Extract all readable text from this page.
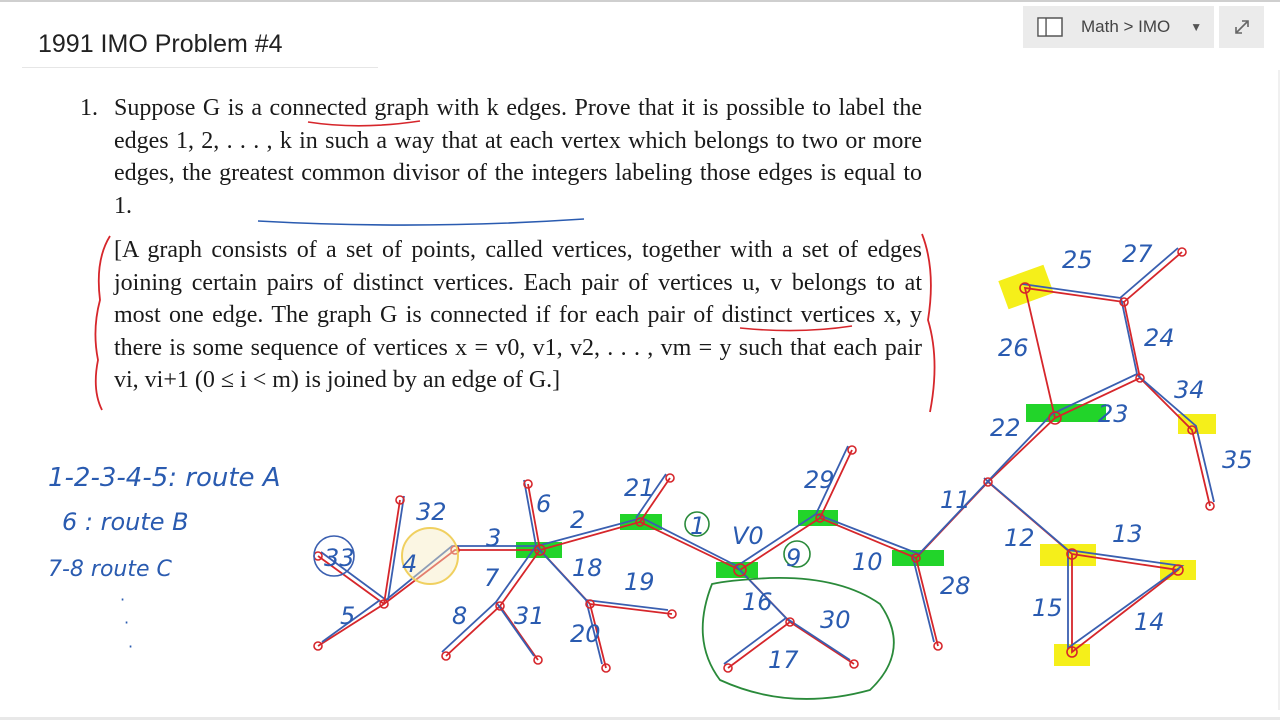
1991 IMO Problem #4
Math > IMO ▼
1. Suppose G is a connected graph with k edges. Prove that it is possible to label the edges 1, 2, . . . , k in such a way that at each vertex which belongs to two or more edges, the greatest common divisor of the integers labeling those edges is equal to 1.
[A graph consists of a set of points, called vertices, together with a set of edges joining certain pairs of distinct vertices. Each pair of vertices u, v belongs to at most one edge. The graph G is connected if for each pair of distinct vertices x, y there is some sequence of vertices x = v0, v1, v2, . . . , vm = y such that each pair vi, vi+1 (0 ≤ i < m) is joined by an edge of G.]
1-2-3-4-5: route A
6 : route B
7-8 route C
·
·
·
1
2
3
4
5
6
7
8
9 10
11
12	13
14
15
16
17
18 19
20
21
22	23
24
25
26
27
28
29
30
31
32
33
34
35
V0
